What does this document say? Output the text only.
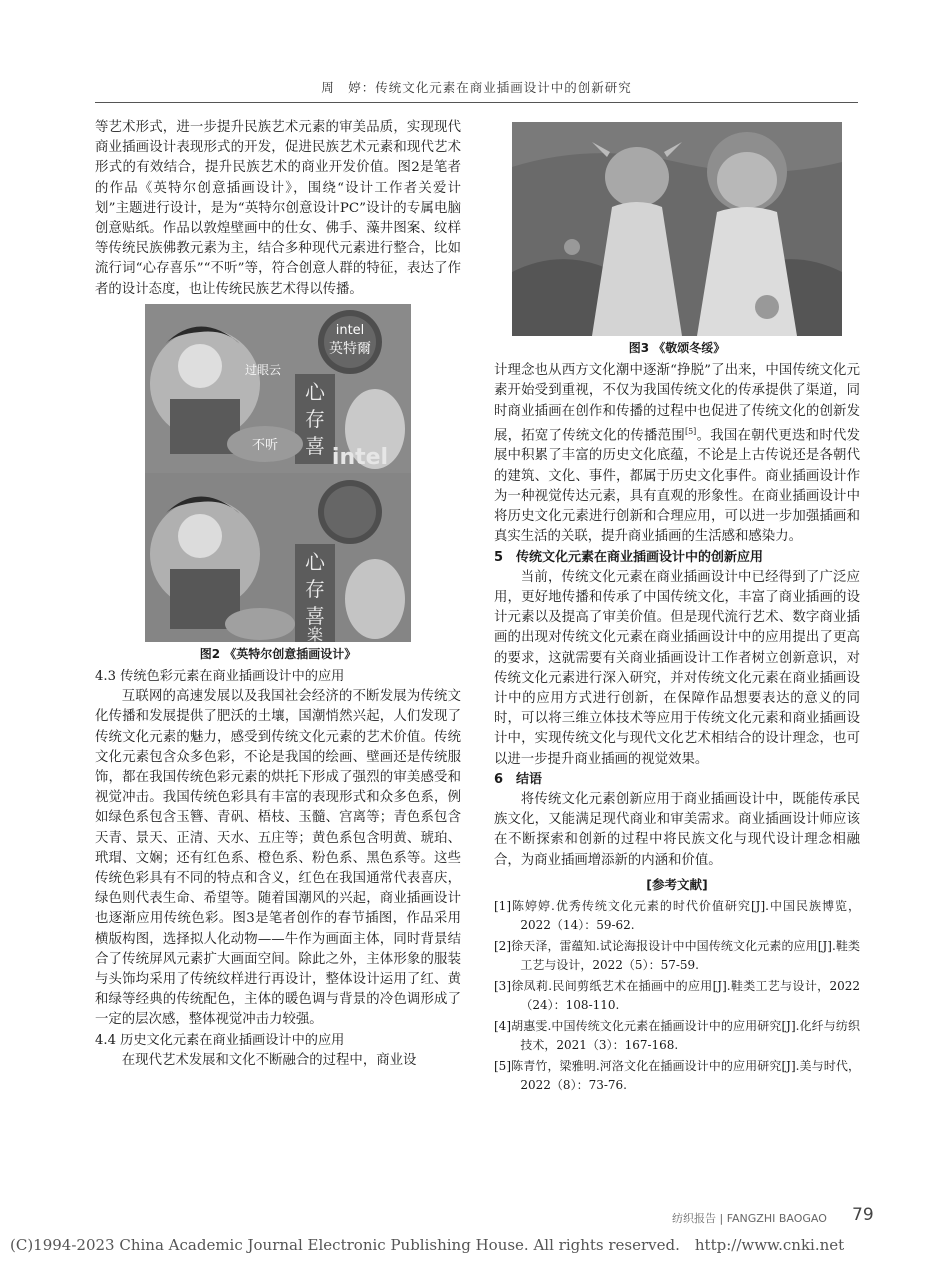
周　婷：传统文化元素在商业插画设计中的创新研究

等艺术形式，进一步提升民族艺术元素的审美品质，实现现代商业插画设计表现形式的开发，促进民族艺术元素和现代艺术形式的有效结合，提升民族艺术的商业开发价值。图2是笔者的作品《英特尔创意插画设计》，围绕“设计工作者关爱计划”主题进行设计，是为“英特尔创意设计PC”设计的专属电脑创意贴纸。作品以敦煌壁画中的仕女、佛手、藻井图案、纹样等传统民族佛教元素为主，结合多种现代元素进行整合，比如流行词“心存喜乐”“不听”等，符合创意人群的特征，表达了作者的设计态度，也让传统民族艺术得以传播。

intel
英特爾
心
存
喜
不听
过眼云
intel
心
存
喜
楽
图2 《英特尔创意插画设计》

4.3 传统色彩元素在商业插画设计中的应用

互联网的高速发展以及我国社会经济的不断发展为传统文化传播和发展提供了肥沃的土壤，国潮悄然兴起，人们发现了传统文化元素的魅力，感受到传统文化元素的艺术价值。传统文化元素包含众多色彩，不论是我国的绘画、壁画还是传统服饰，都在我国传统色彩元素的烘托下形成了强烈的审美感受和视觉冲击。我国传统色彩具有丰富的表现形式和众多色系，例如绿色系包含玉簪、青矾、梧枝、玉髓、宫离等；青色系包含天青、景天、正清、天水、五庄等；黄色系包含明黄、琥珀、玳瑁、文娴；还有红色系、橙色系、粉色系、黑色系等。这些传统色彩具有不同的特点和含义，红色在我国通常代表喜庆，绿色则代表生命、希望等。随着国潮风的兴起，商业插画设计也逐渐应用传统色彩。图3是笔者创作的春节插图，作品采用横版构图，选择拟人化动物——牛作为画面主体，同时背景结合了传统屏风元素扩大画面空间。除此之外，主体形象的服装与头饰均采用了传统纹样进行再设计，整体设计运用了红、黄和绿等经典的传统配色，主体的暖色调与背景的冷色调形成了一定的层次感，整体视觉冲击力较强。

4.4 历史文化元素在商业插画设计中的应用

在现代艺术发展和文化不断融合的过程中，商业设

图3 《敬颂冬绥》

计理念也从西方文化潮中逐渐“挣脱”了出来，中国传统文化元素开始受到重视，不仅为我国传统文化的传承提供了渠道，同时商业插画在创作和传播的过程中也促进了传统文化的创新发展，拓宽了传统文化的传播范围[5]。我国在朝代更迭和时代发展中积累了丰富的历史文化底蕴，不论是上古传说还是各朝代的建筑、文化、事件，都属于历史文化事件。商业插画设计作为一种视觉传达元素，具有直观的形象性。在商业插画设计中将历史文化元素进行创新和合理应用，可以进一步加强插画和真实生活的关联，提升商业插画的生活感和感染力。

5　传统文化元素在商业插画设计中的创新应用

当前，传统文化元素在商业插画设计中已经得到了广泛应用，更好地传播和传承了中国传统文化，丰富了商业插画的设计元素以及提高了审美价值。但是现代流行艺术、数字商业插画的出现对传统文化元素在商业插画设计中的应用提出了更高的要求，这就需要有关商业插画设计工作者树立创新意识，对传统文化元素进行深入研究，并对传统文化元素在商业插画设计中的应用方式进行创新，在保障作品想要表达的意义的同时，可以将三维立体技术等应用于传统文化元素和商业插画设计中，实现传统文化与现代文化艺术相结合的设计理念，也可以进一步提升商业插画的视觉效果。

6　结语

将传统文化元素创新应用于商业插画设计中，既能传承民族文化，又能满足现代商业和审美需求。商业插画设计师应该在不断探索和创新的过程中将民族文化与现代设计理念相融合，为商业插画增添新的内涵和价值。

[参考文献]

[1]陈婷婷.优秀传统文化元素的时代价值研究[J].中国民族博览，2022（14）：59-62.

[2]徐天泽，雷蕴知.试论海报设计中中国传统文化元素的应用[J].鞋类工艺与设计，2022（5）：57-59.

[3]徐凤莉.民间剪纸艺术在插画中的应用[J].鞋类工艺与设计，2022（24）：108-110.

[4]胡惠雯.中国传统文化元素在插画设计中的应用研究[J].化纤与纺织技术，2021（3）：167-168.

[5]陈青竹，梁雅明.河洛文化在插画设计中的应用研究[J].美与时代，2022（8）：73-76.

纺织报告 | FANGZHI BAOGAO 79
(C)1994-2023 China Academic Journal Electronic Publishing House. All rights reserved.　http://www.cnki.net
